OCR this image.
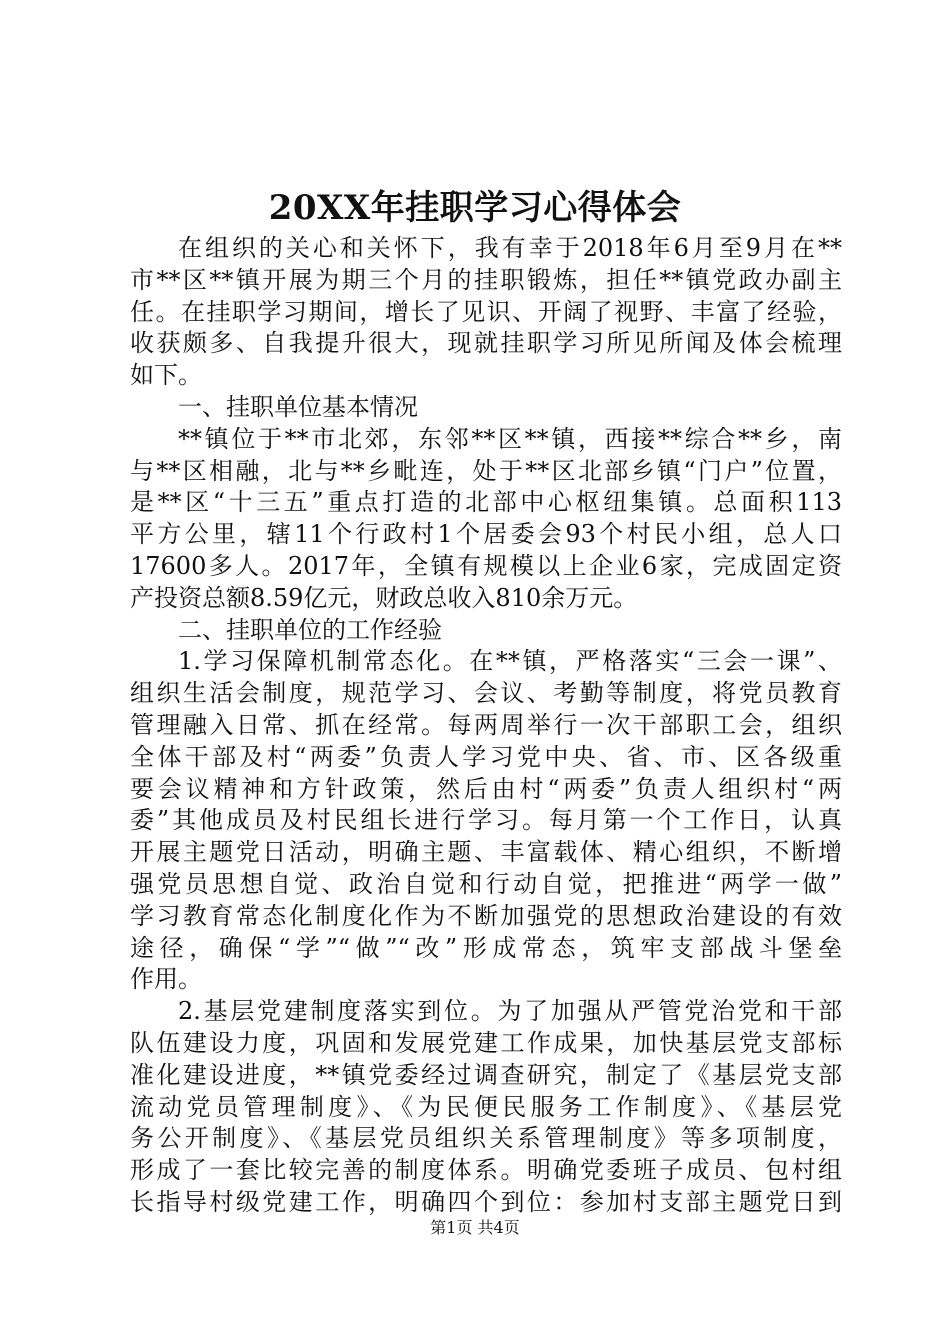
20XX年挂职学习心得体会
在组织的关心和关怀下，我有幸于2018年6月至9月在**
市**区**镇开展为期三个月的挂职锻炼，担任**镇党政办副主
任。在挂职学习期间，增长了见识、开阔了视野、丰富了经验，
收获颇多、自我提升很大，现就挂职学习所见所闻及体会梳理
如下。
一、挂职单位基本情况
**镇位于**市北郊，东邻**区**镇，西接**综合**乡，南
与**区相融，北与**乡毗连，处于**区北部乡镇“门户”位置，
是**区“十三五”重点打造的北部中心枢纽集镇。总面积113
平方公里，辖11个行政村1个居委会93个村民小组，总人口
17600多人。2017年，全镇有规模以上企业6家，完成固定资
产投资总额8.59亿元，财政总收入810余万元。
二、挂职单位的工作经验
1.学习保障机制常态化。在**镇，严格落实“三会一课”、
组织生活会制度，规范学习、会议、考勤等制度，将党员教育
管理融入日常、抓在经常。每两周举行一次干部职工会，组织
全体干部及村“两委”负责人学习党中央、省、市、区各级重
要会议精神和方针政策，然后由村“两委”负责人组织村“两
委”其他成员及村民组长进行学习。每月第一个工作日，认真
开展主题党日活动，明确主题、丰富载体、精心组织，不断增
强党员思想自觉、政治自觉和行动自觉，把推进“两学一做”
学习教育常态化制度化作为不断加强党的思想政治建设的有效
途径，确保“学”“做”“改”形成常态，筑牢支部战斗堡垒
作用。
2.基层党建制度落实到位。为了加强从严管党治党和干部
队伍建设力度，巩固和发展党建工作成果，加快基层党支部标
准化建设进度，**镇党委经过调查研究，制定了《基层党支部
流动党员管理制度》、《为民便民服务工作制度》、《基层党
务公开制度》、《基层党员组织关系管理制度》等多项制度，
形成了一套比较完善的制度体系。明确党委班子成员、包村组
长指导村级党建工作，明确四个到位：参加村支部主题党日到
第1页 共4页
